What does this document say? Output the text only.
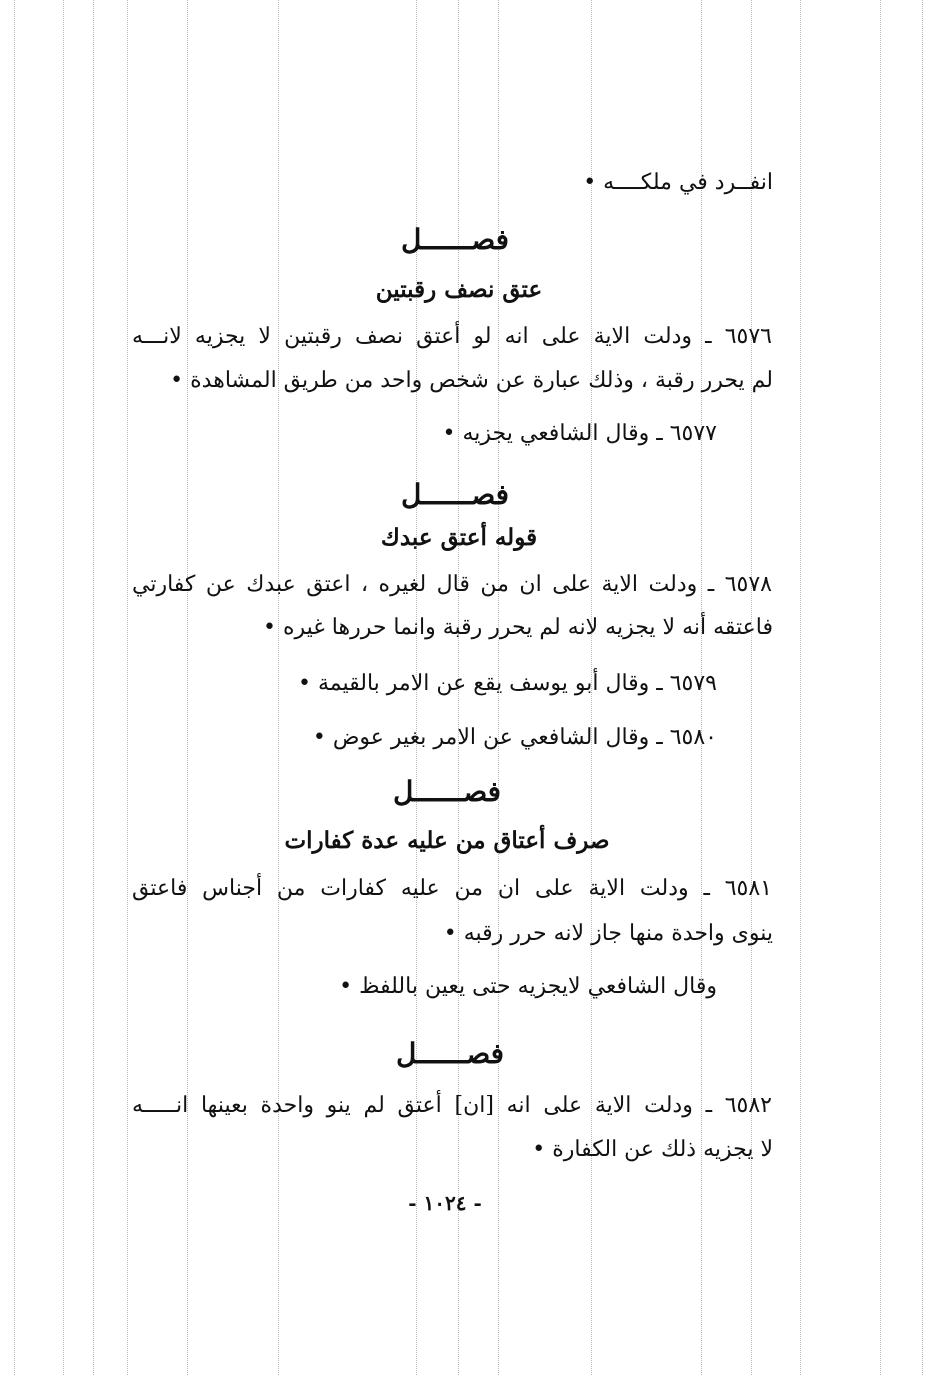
انفــرد في ملكــــه •
فصــــــل
عتق نصف رقبتين
٦٥٧٦ ـ ودلت الاية على انه لو أعتق نصف رقبتين لا يجزيه لانـــه
لم يحرر رقبة ، وذلك عبارة عن شخص واحد من طريق المشاهدة •
٦٥٧٧ ـ وقال الشافعي يجزيه •
فصــــــل
قوله أعتق عبدك
٦٥٧٨ ـ ودلت الاية على ان من قال لغيره ، اعتق عبدك عن كفارتي
فاعتقه أنه لا يجزيه لانه لم يحرر رقبة وانما حررها غيره •
٦٥٧٩ ـ وقال أبو يوسف يقع عن الامر بالقيمة •
٦٥٨٠ ـ وقال الشافعي عن الامر بغير عوض •
فصــــــل
صرف أعتاق من عليه عدة كفارات
٦٥٨١ ـ ودلت الاية على ان من عليه كفارات من أجناس فاعتق
ينوى واحدة منها جاز لانه حرر رقبه •
وقال الشافعي لايجزيه حتى يعين باللفظ •
فصــــــل
٦٥٨٢ ـ ودلت الاية على انه [ان] أعتق لم ينو واحدة بعينها انـــــه
لا يجزيه ذلك عن الكفارة •
- ١٠٢٤ -
